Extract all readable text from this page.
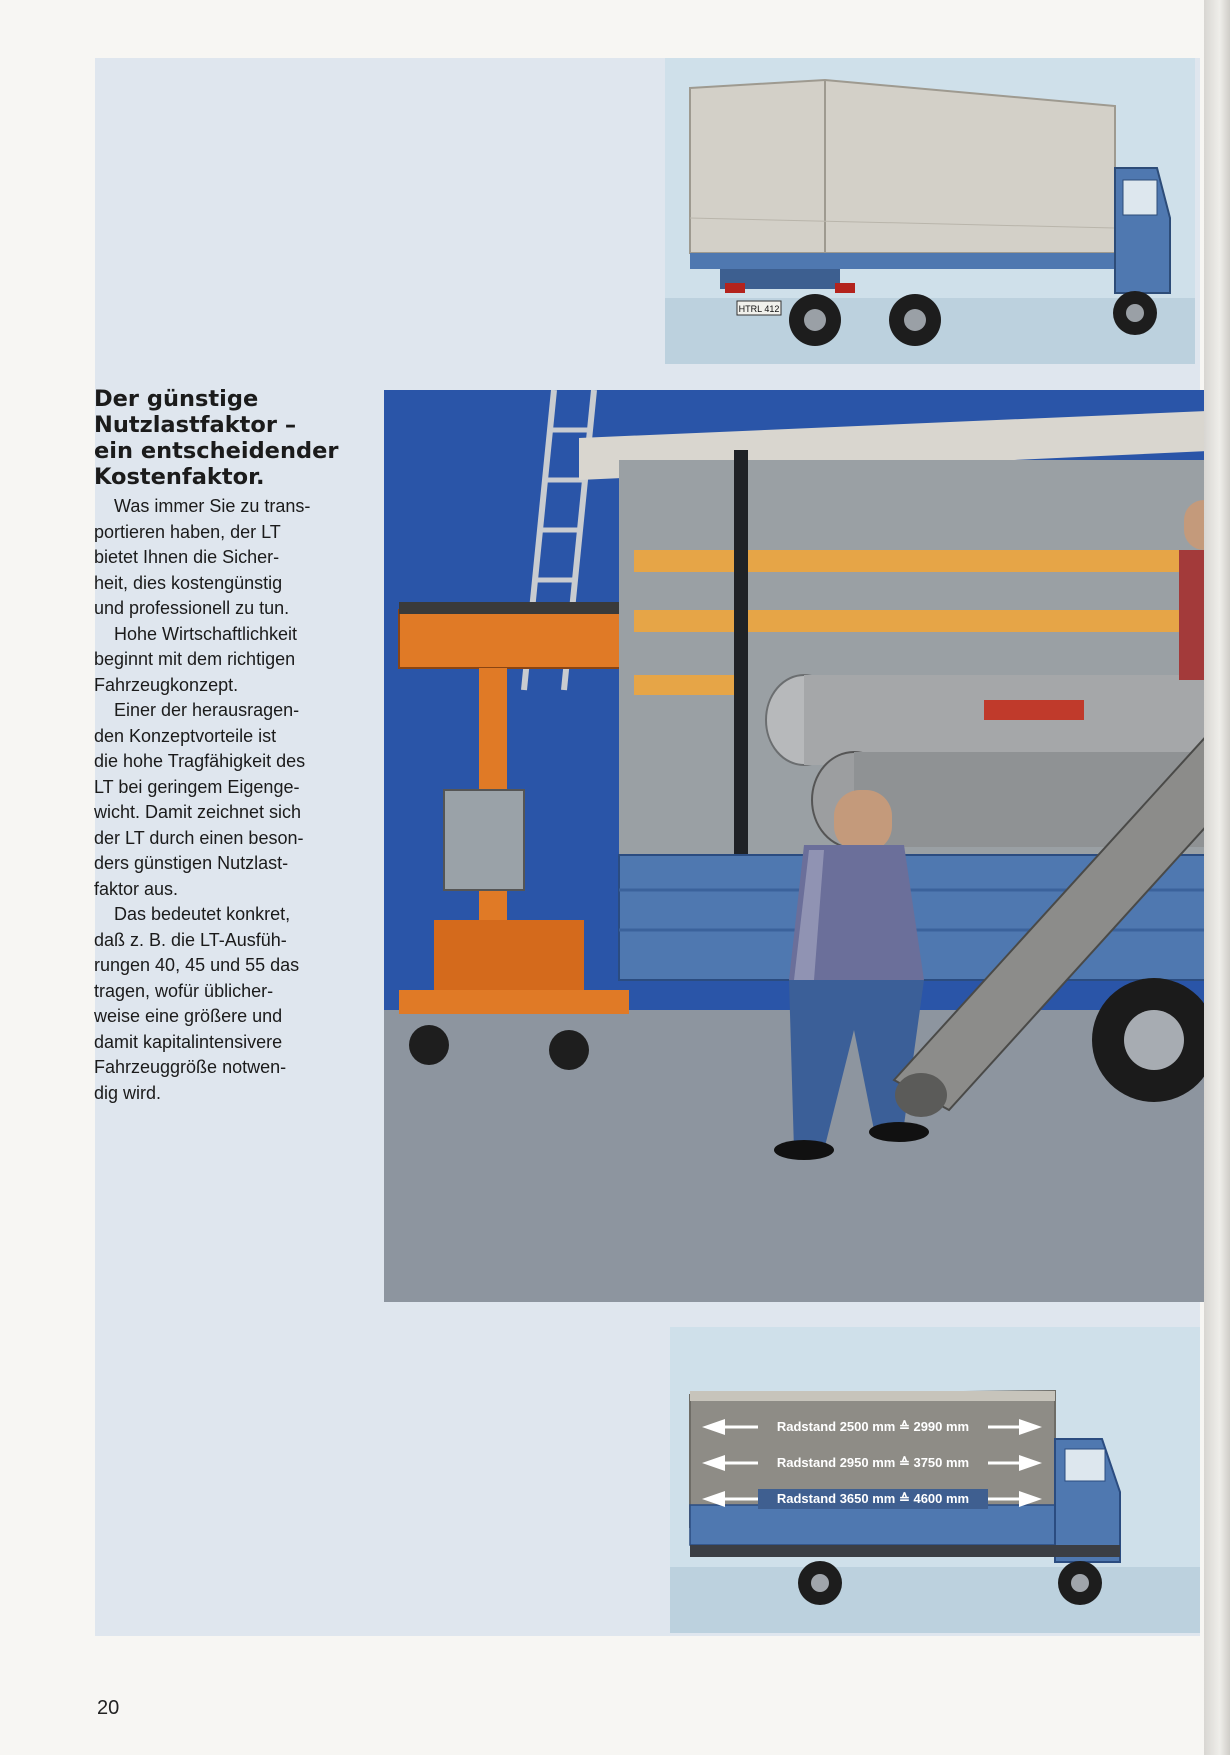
Der günstige
Nutzlastfaktor –
ein entscheidender
Kostenfaktor.
Was immer Sie zu trans-
portieren haben, der LT
bietet Ihnen die Sicher-
heit, dies kostengünstig
und professionell zu tun.
Hohe Wirtschaftlichkeit
beginnt mit dem richtigen
Fahrzeugkonzept.
Einer der herausragen-
den Konzeptvorteile ist
die hohe Tragfähigkeit des
LT bei geringem Eigenge-
wicht. Damit zeichnet sich
der LT durch einen beson-
ders günstigen Nutzlast-
faktor aus.
Das bedeutet konkret,
daß z. B. die LT-Ausfüh-
rungen 40, 45 und 55 das
tragen, wofür üblicher-
weise eine größere und
damit kapitalintensivere
Fahrzeuggröße notwen-
dig wird.
HTRL 412
Radstand 2500 mm ≙ 2990 mm
Radstand 2950 mm ≙ 3750 mm
Radstand 3650 mm ≙ 4600 mm
20
